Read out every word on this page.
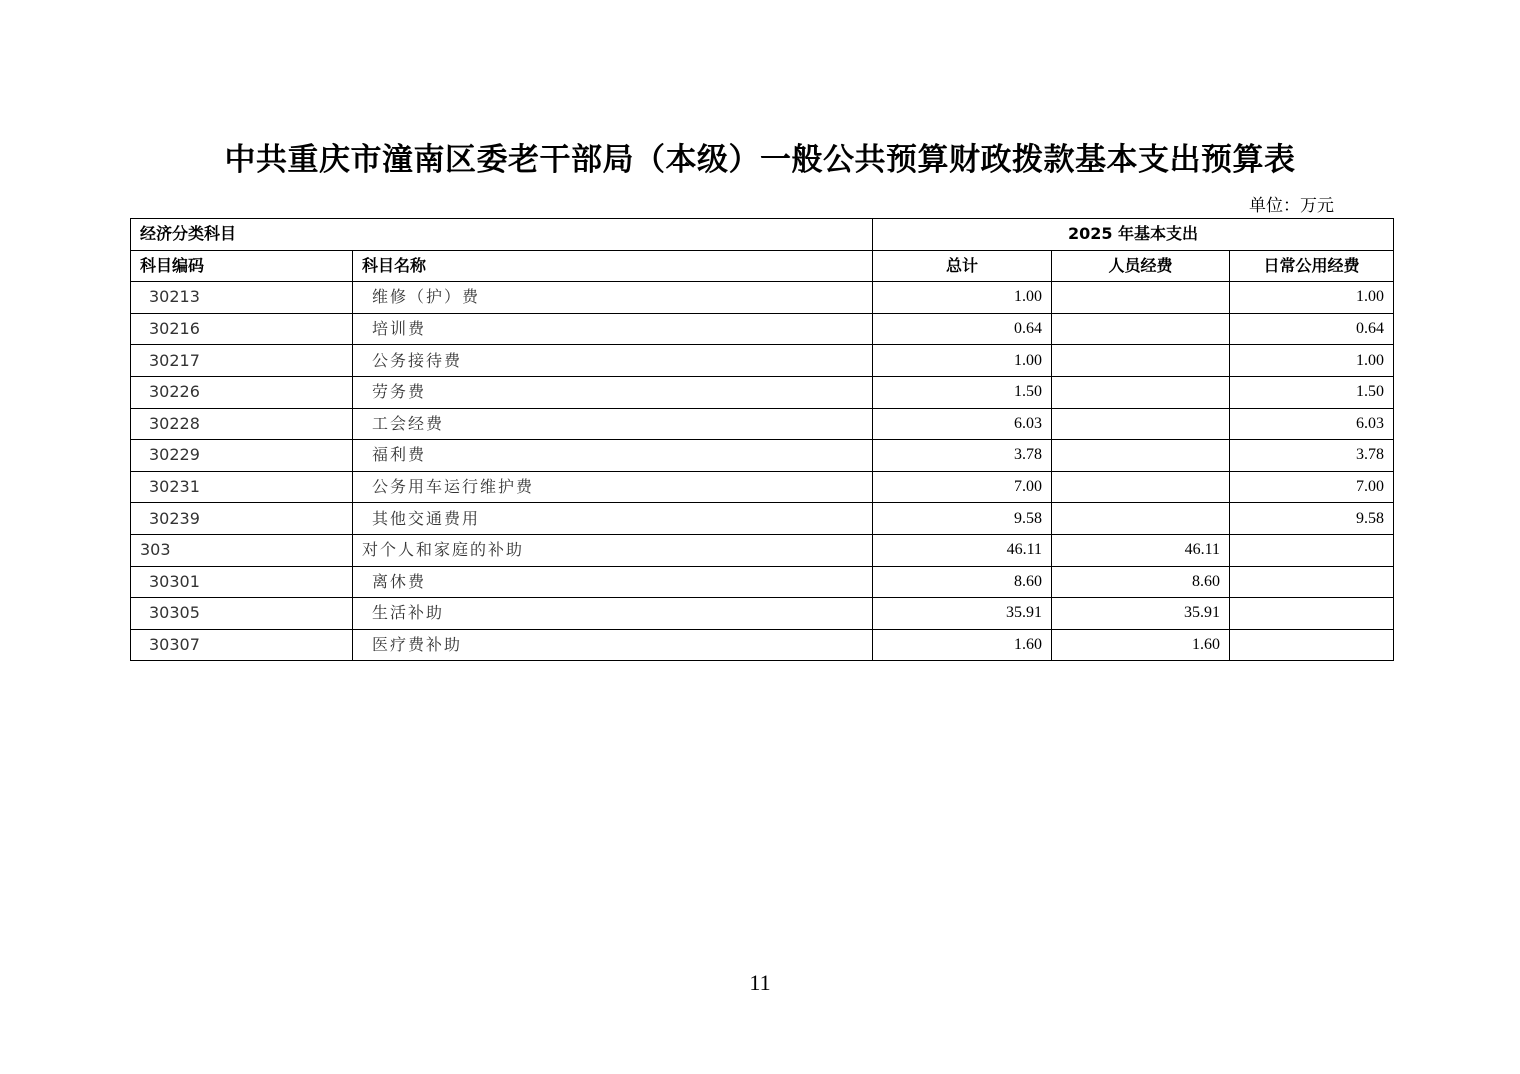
中共重庆市潼南区委老干部局（本级）一般公共预算财政拨款基本支出预算表
单位：万元
经济分类科目		2025 年基本支出		
科目编码	科目名称	总计	人员经费	日常公用经费
30213	维修（护）费	1.00		1.00
30216	培训费	0.64		0.64
30217	公务接待费	1.00		1.00
30226	劳务费	1.50		1.50
30228	工会经费	6.03		6.03
30229	福利费	3.78		3.78
30231	公务用车运行维护费	7.00		7.00
30239	其他交通费用	9.58		9.58
303	对个人和家庭的补助	46.11	46.11	
30301	离休费	8.60	8.60	
30305	生活补助	35.91	35.91	
30307	医疗费补助	1.60	1.60	
11
